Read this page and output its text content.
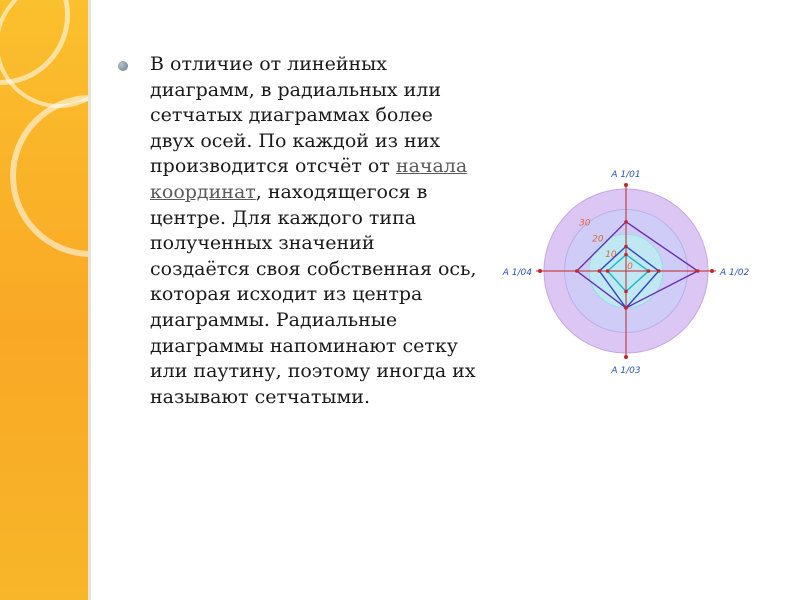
В отличие от линейных диаграмм, в радиальных или сетчатых диаграммах более двух осей. По каждой из них производится отсчёт от начала координат, находящегося в центре. Для каждого типа полученных значений создаётся своя собственная ось, которая исходит из центра диаграммы. Радиальные диаграммы напоминают сетку или паутину, поэтому иногда их называют сетчатыми.

A 1/01
A 1/02
A 1/03
A 1/04
0
10
20
30
